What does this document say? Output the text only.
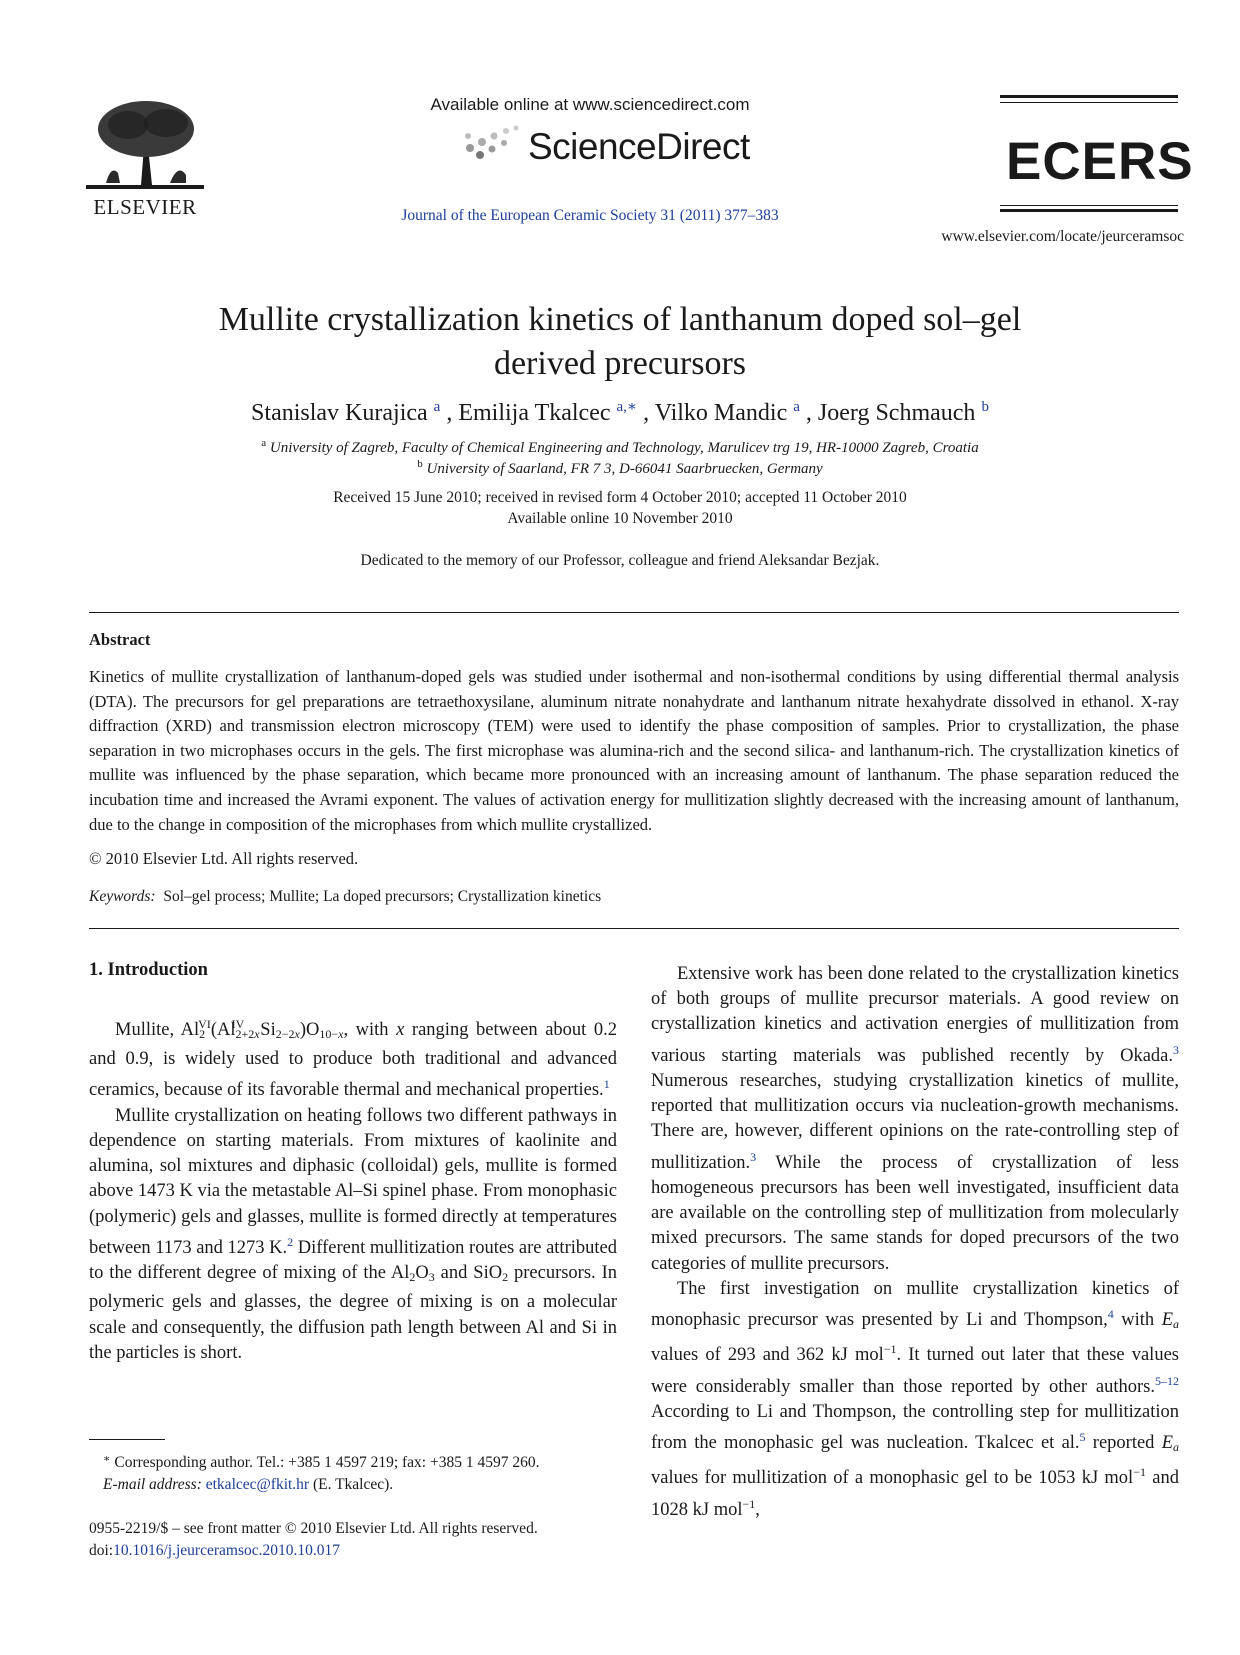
ELSEVIER
Available online at www.sciencedirect.com
ScienceDirect
Journal of the European Ceramic Society 31 (2011) 377–383
ECERS
www.elsevier.com/locate/jeurceramsoc
Mullite crystallization kinetics of lanthanum doped sol–gel
derived precursors
Stanislav Kurajica $^a$ , Emilija Tkalcec $^{a,∗}$ , Vilko Mandic $^a$ , Joerg Schmauch $^b$
$^a$ University of Zagreb, Faculty of Chemical Engineering and Technology, Marulicev trg 19, HR-10000 Zagreb, Croatia
$^b$ University of Saarland, FR 7 3, D-66041 Saarbruecken, Germany
Received 15 June 2010; received in revised form 4 October 2010; accepted 11 October 2010
Available online 10 November 2010
Dedicated to the memory of our Professor, colleague and friend Aleksandar Bezjak.
Abstract
Kinetics of mullite crystallization of lanthanum-doped gels was studied under isothermal and non-isothermal conditions by using differential thermal analysis (DTA). The precursors for gel preparations are tetraethoxysilane, aluminum nitrate nonahydrate and lanthanum nitrate hexahydrate dissolved in ethanol. X-ray diffraction (XRD) and transmission electron microscopy (TEM) were used to identify the phase composition of samples. Prior to crystallization, the phase separation in two microphases occurs in the gels. The first microphase was alumina-rich and the second silica- and lanthanum-rich. The crystallization kinetics of mullite was influenced by the phase separation, which became more pronounced with an increasing amount of lanthanum. The phase separation reduced the incubation time and increased the Avrami exponent. The values of activation energy for mullitization slightly decreased with the increasing amount of lanthanum, due to the change in composition of the microphases from which mullite crystallized.
© 2010 Elsevier Ltd. All rights reserved.
Keywords: Sol–gel process; Mullite; La doped precursors; Crystallization kinetics
1. Introduction

Mullite, $Al_2^{VI}(Al_{2+2x}^{IV}$ $Si_{2-2x})O_{10-x}$, with x ranging between about 0.2 and 0.9, is widely used to produce both traditional and advanced ceramics, because of its favorable thermal and mechanical properties.$^1$

Mullite crystallization on heating follows two different pathways in dependence on starting materials. From mixtures of kaolinite and alumina, sol mixtures and diphasic (colloidal) gels, mullite is formed above 1473 K via the metastable Al–Si spinel phase. From monophasic (polymeric) gels and glasses, mullite is formed directly at temperatures between 1173 and 1273 K.$^2$ Different mullitization routes are attributed to the different degree of mixing of the $Al_2O_3$ and SiO$_2$ precursors. In polymeric gels and glasses, the degree of mixing is on a molecular scale and consequently, the diffusion path length between Al and Si in the particles is short.

Extensive work has been done related to the crystallization kinetics of both groups of mullite precursor materials. A good review on crystallization kinetics and activation energies of mullitization from various starting materials was published recently by Okada.$^3$ Numerous researches, studying crystallization kinetics of mullite, reported that mullitization occurs via nucleation-growth mechanisms. There are, however, different opinions on the rate-controlling step of mullitization.$^3$ While the process of crystallization of less homogeneous precursors has been well investigated, insufficient data are available on the controlling step of mullitization from molecularly mixed precursors. The same stands for doped precursors of the two categories of mullite precursors.

The first investigation on mullite crystallization kinetics of monophasic precursor was presented by Li and Thompson,$^4$ with $E_a$ values of 293 and 362 kJ mol$^{-1}$. It turned out later that these values were considerably smaller than those reported by other authors.$^{5-12}$ According to Li and Thompson, the controlling step for mullitization from the monophasic gel was nucleation. Tkalcec et al.$^5$ reported $E_a$ values for mullitization of a monophasic gel to be 1053 kJ mol$^{-1}$ and 1028 kJ mol$^{-1}$,

∗ Corresponding author. Tel.: +385 1 4597 219; fax: +385 1 4597 260.
E-mail address: etkalcec@fkit.hr (E. Tkalcec).
0955-2219/$ – see front matter © 2010 Elsevier Ltd. All rights reserved.
doi:10.1016/j.jeurceramsoc.2010.10.017
